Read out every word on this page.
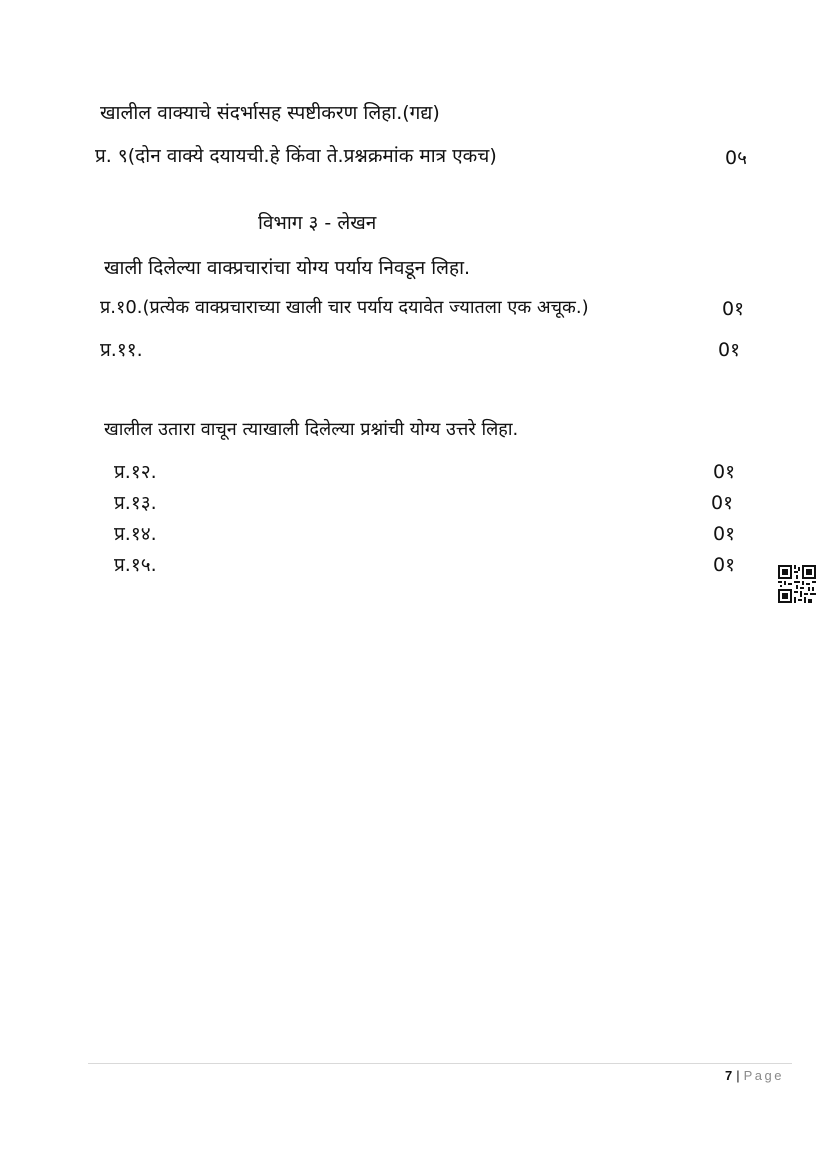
खालील वाक्याचे संदर्भासह स्पष्टीकरण लिहा.(गद्य)
प्र. ९(दोन वाक्ये दयायची.हे किंवा ते.प्रश्नक्रमांक मात्र एकच)	0५
विभाग ३ - लेखन
खाली दिलेल्या वाक्प्रचारांचा योग्य पर्याय निवडून लिहा.
प्र.१0.(प्रत्येक वाक्प्रचाराच्या खाली चार पर्याय दयावेत ज्यातला एक अचूक.)	0१
प्र.११.	0१
खालील उतारा वाचून त्याखाली दिलेल्या प्रश्नांची योग्य उत्तरे लिहा.
प्र.१२.	0१
प्र.१३.	0१
प्र.१४.	0१
प्र.१५.	0१
7 | Page
